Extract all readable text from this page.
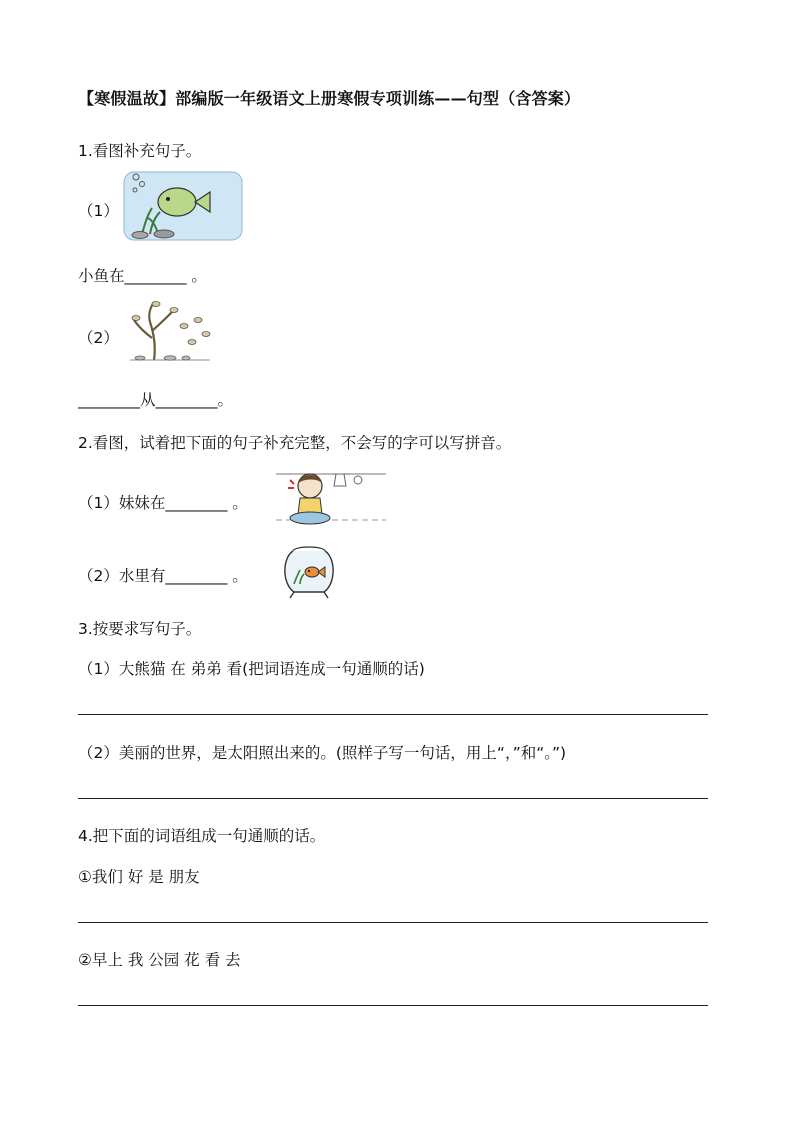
【寒假温故】部编版一年级语文上册寒假专项训练——句型（含答案）
1.看图补充句子。
（1）
小鱼在________ 。
（2）
________从________。
2.看图，试着把下面的句子补充完整，不会写的字可以写拼音。
（1）妹妹在________ 。
（2）水里有________ 。
3.按要求写句子。
（1）大熊猫 在 弟弟 看(把词语连成一句通顺的话)
（2）美丽的世界，是太阳照出来的。(照样子写一句话，用上“，”和“。”)
4.把下面的词语组成一句通顺的话。
①我们 好 是 朋友
②早上 我 公园 花 看 去
